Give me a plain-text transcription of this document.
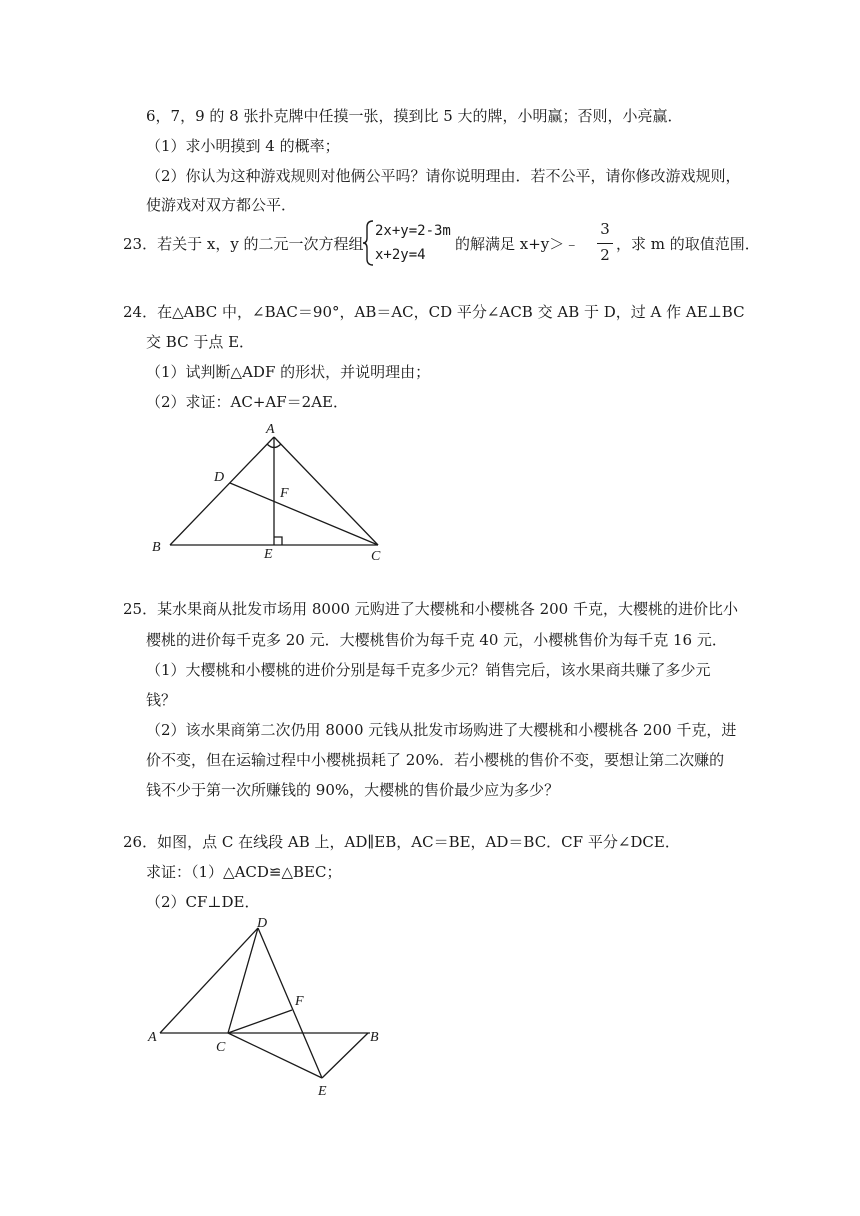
6，7，9 的 8 张扑克牌中任摸一张，摸到比 5 大的牌，小明赢；否则，小亮赢．
（1）求小明摸到 4 的概率；
（2）你认为这种游戏规则对他俩公平吗？请你说明理由．若不公平，请你修改游戏规则，
使游戏对双方都公平．
23．若关于 x，y 的二元一次方程组
2x+y=2-3m
x+2y=4
的解满足 x+y＞﹣
3
2
，求 m 的取值范围．
24．在△ABC 中，∠BAC＝90°，AB＝AC，CD 平分∠ACB 交 AB 于 D，过 A 作 AE⊥BC
交 BC 于点 E．
（1）试判断△ADF 的形状，并说明理由；
（2）求证：AC+AF＝2AE．
A
B
C
D
E
F
25．某水果商从批发市场用 8000 元购进了大樱桃和小樱桃各 200 千克，大樱桃的进价比小
樱桃的进价每千克多 20 元．大樱桃售价为每千克 40 元，小樱桃售价为每千克 16 元．
（1）大樱桃和小樱桃的进价分别是每千克多少元？销售完后，该水果商共赚了多少元
钱？
（2）该水果商第二次仍用 8000 元钱从批发市场购进了大樱桃和小樱桃各 200 千克，进
价不变，但在运输过程中小樱桃损耗了 20%．若小樱桃的售价不变，要想让第二次赚的
钱不少于第一次所赚钱的 90%，大樱桃的售价最少应为多少？
26．如图，点 C 在线段 AB 上，AD∥EB，AC＝BE，AD＝BC．CF 平分∠DCE．
求证：（1）△ACD≌△BEC；
（2）CF⊥DE．
A	B
C
D
E
F
